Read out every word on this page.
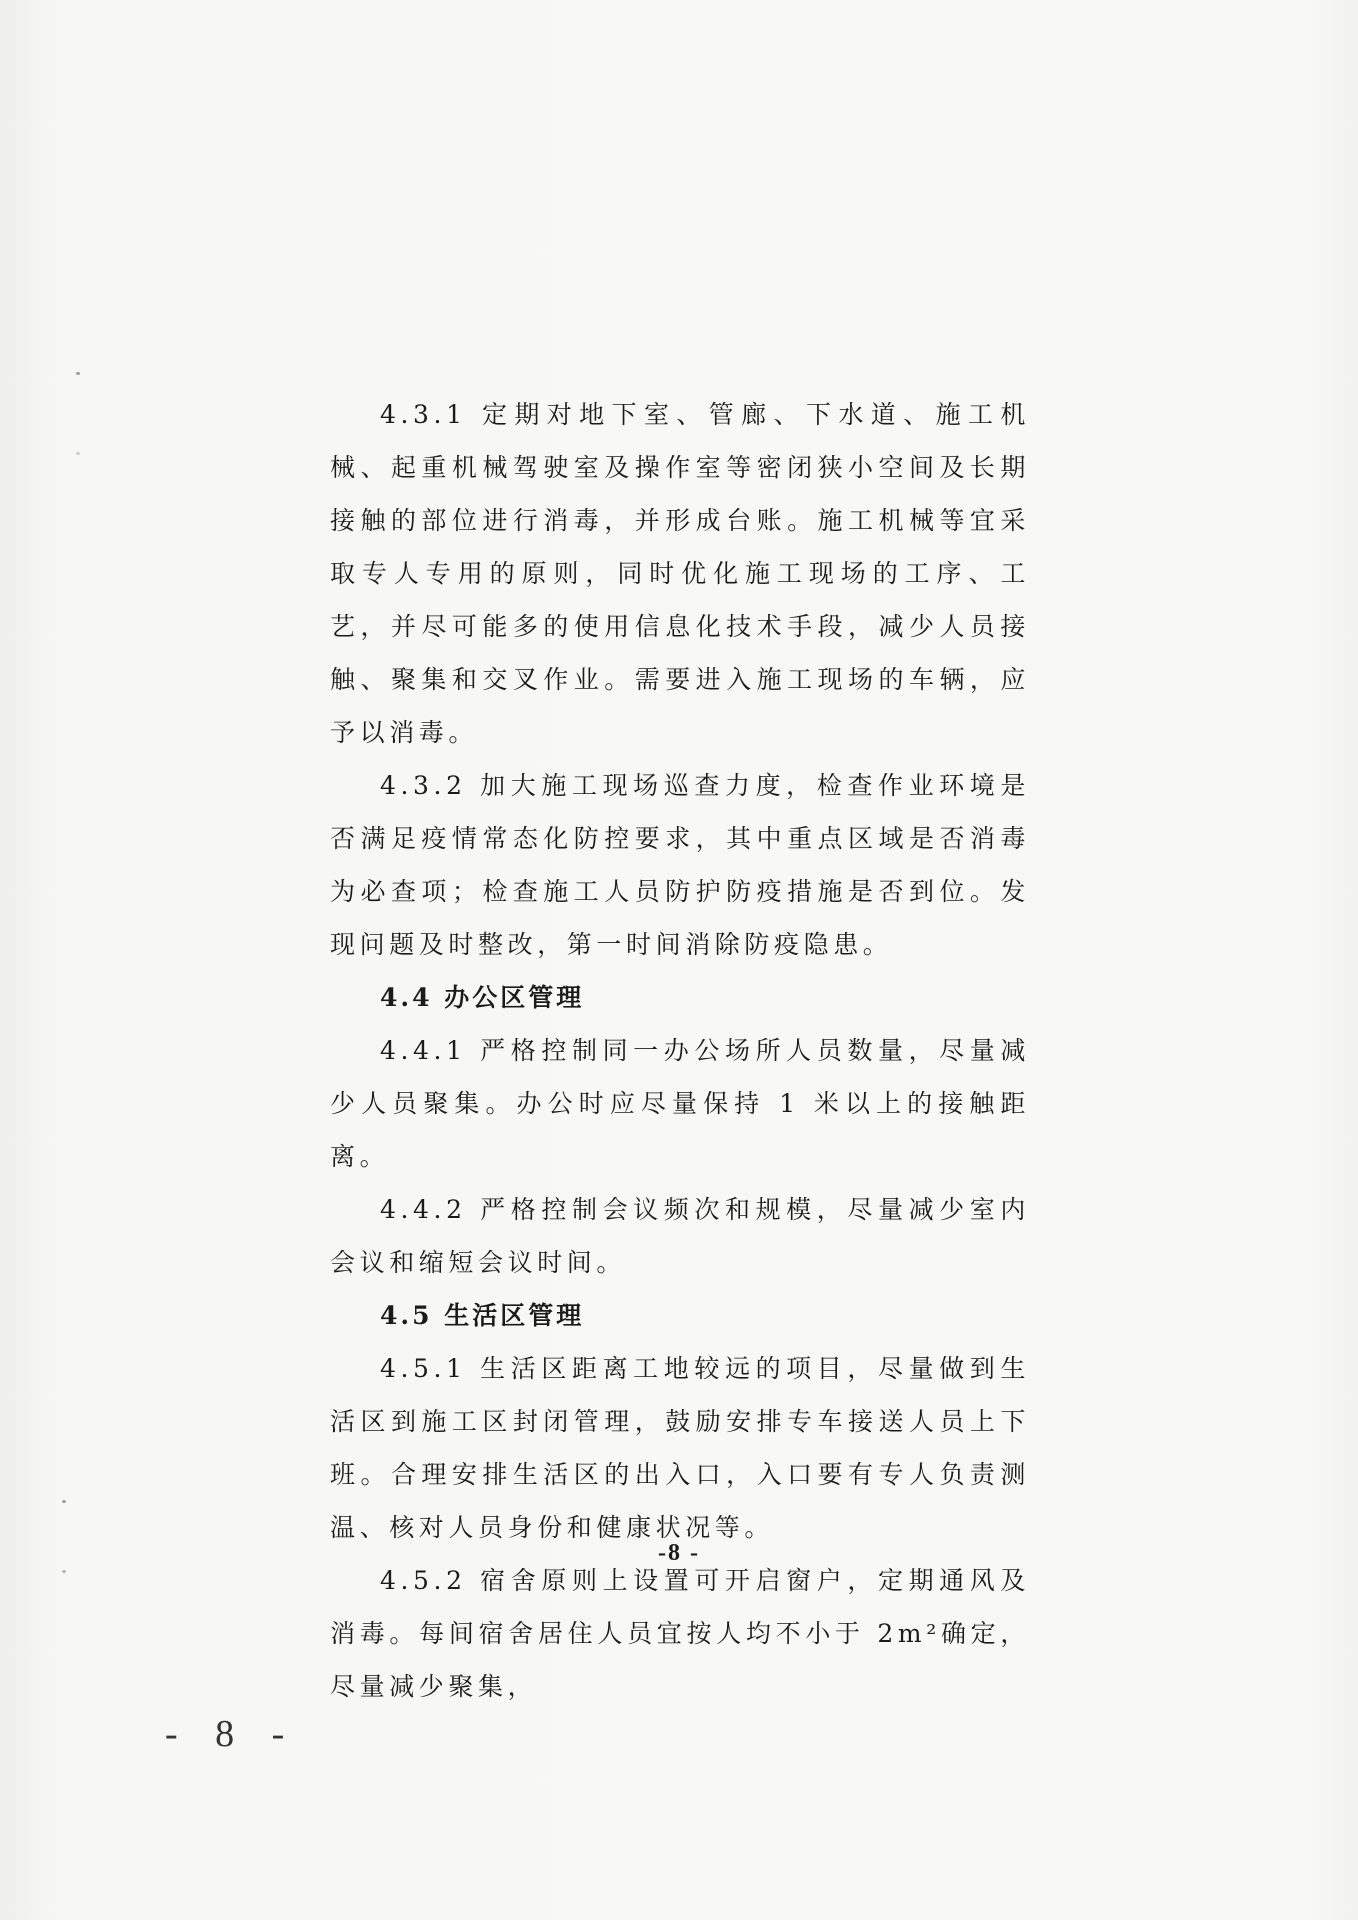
4.3.1 定期对地下室、管廊、下水道、施工机械、起重机械驾驶室及操作室等密闭狭小空间及长期接触的部位进行消毒，并形成台账。施工机械等宜采取专人专用的原则，同时优化施工现场的工序、工艺，并尽可能多的使用信息化技术手段，减少人员接触、聚集和交叉作业。需要进入施工现场的车辆，应予以消毒。

4.3.2 加大施工现场巡查力度，检查作业环境是否满足疫情常态化防控要求，其中重点区域是否消毒为必查项；检查施工人员防护防疫措施是否到位。发现问题及时整改，第一时间消除防疫隐患。

4.4 办公区管理

4.4.1 严格控制同一办公场所人员数量，尽量减少人员聚集。办公时应尽量保持 1 米以上的接触距离。

4.4.2 严格控制会议频次和规模，尽量减少室内会议和缩短会议时间。

4.5 生活区管理

4.5.1 生活区距离工地较远的项目，尽量做到生活区到施工区封闭管理，鼓励安排专车接送人员上下班。合理安排生活区的出入口，入口要有专人负责测温、核对人员身份和健康状况等。

4.5.2 宿舍原则上设置可开启窗户，定期通风及消毒。每间宿舍居住人员宜按人均不小于 2m²确定，尽量减少聚集，

-8 -
- 8 -
